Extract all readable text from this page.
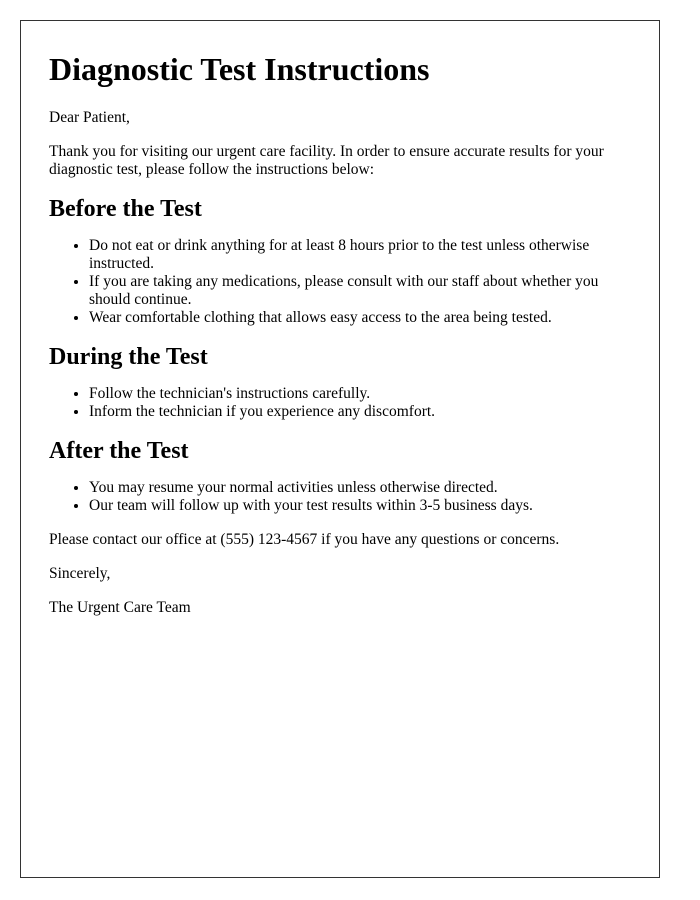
Diagnostic Test Instructions

Dear Patient,

Thank you for visiting our urgent care facility. In order to ensure accurate results for your diagnostic test, please follow the instructions below:

Before the Test
• Do not eat or drink anything for at least 8 hours prior to the test unless otherwise instructed.
• If you are taking any medications, please consult with our staff about whether you should continue.
• Wear comfortable clothing that allows easy access to the area being tested.
During the Test
• Follow the technician's instructions carefully.
• Inform the technician if you experience any discomfort.
After the Test
• You may resume your normal activities unless otherwise directed.
• Our team will follow up with your test results within 3-5 business days.

Please contact our office at (555) 123-4567 if you have any questions or concerns.

Sincerely,

The Urgent Care Team
